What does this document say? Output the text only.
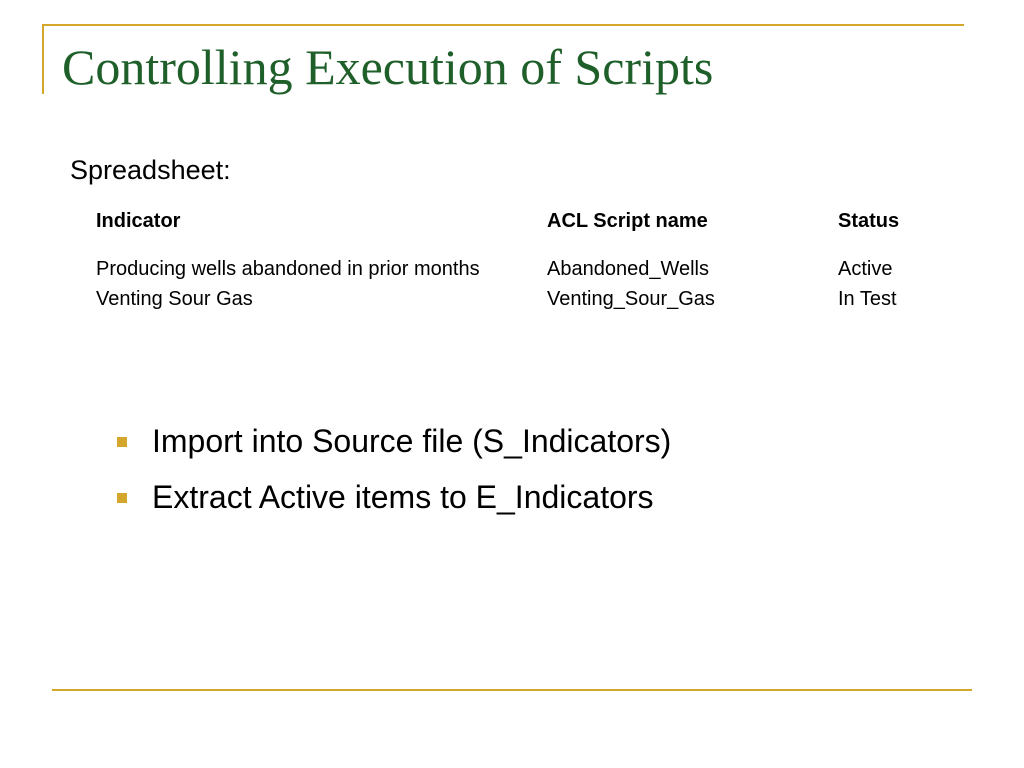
Controlling Execution of Scripts
Spreadsheet:
Indicator	ACL Script name	Status

Producing wells abandoned in prior months	Abandoned_Wells	Active

Venting Sour Gas	Venting_Sour_Gas	In Test
Import into Source file (S_Indicators)
Extract Active items to E_Indicators
